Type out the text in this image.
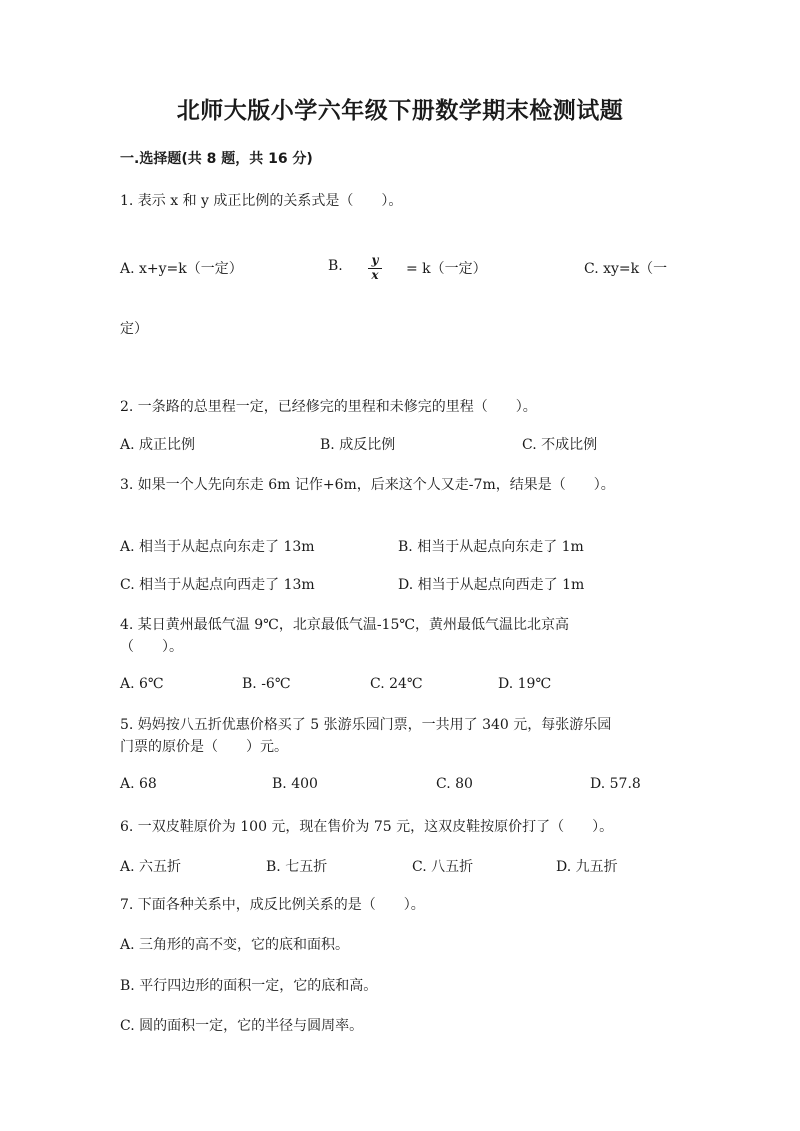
北师大版小学六年级下册数学期末检测试题
一.选择题(共 8 题，共 16 分)
1. 表示 x 和 y 成正比例的关系式是（　　）。
A. x+y=k（一定）	B. $\frac{y}{x} = k$（一定）	C. xy=k（一
定）
2. 一条路的总里程一定，已经修完的里程和未修完的里程（　　）。
A. 成正比例	B. 成反比例	C. 不成比例
3. 如果一个人先向东走 6m 记作+6m，后来这个人又走-7m，结果是（　　）。
A. 相当于从起点向东走了 13m	B. 相当于从起点向东走了 1m
C. 相当于从起点向西走了 13m	D. 相当于从起点向西走了 1m
4. 某日黄州最低气温 9℃，北京最低气温-15℃，黄州最低气温比北京高
（　　）。
A. 6℃	B. -6℃	C. 24℃	D. 19℃
5. 妈妈按八五折优惠价格买了 5 张游乐园门票，一共用了 340 元，每张游乐园
门票的原价是（　　）元。
A. 68	B. 400	C. 80	D. 57.8
6. 一双皮鞋原价为 100 元，现在售价为 75 元，这双皮鞋按原价打了（　　）。
A. 六五折	B. 七五折	C. 八五折	D. 九五折
7. 下面各种关系中，成反比例关系的是（　　）。
A. 三角形的高不变，它的底和面积。
B. 平行四边形的面积一定，它的底和高。
C. 圆的面积一定，它的半径与圆周率。
